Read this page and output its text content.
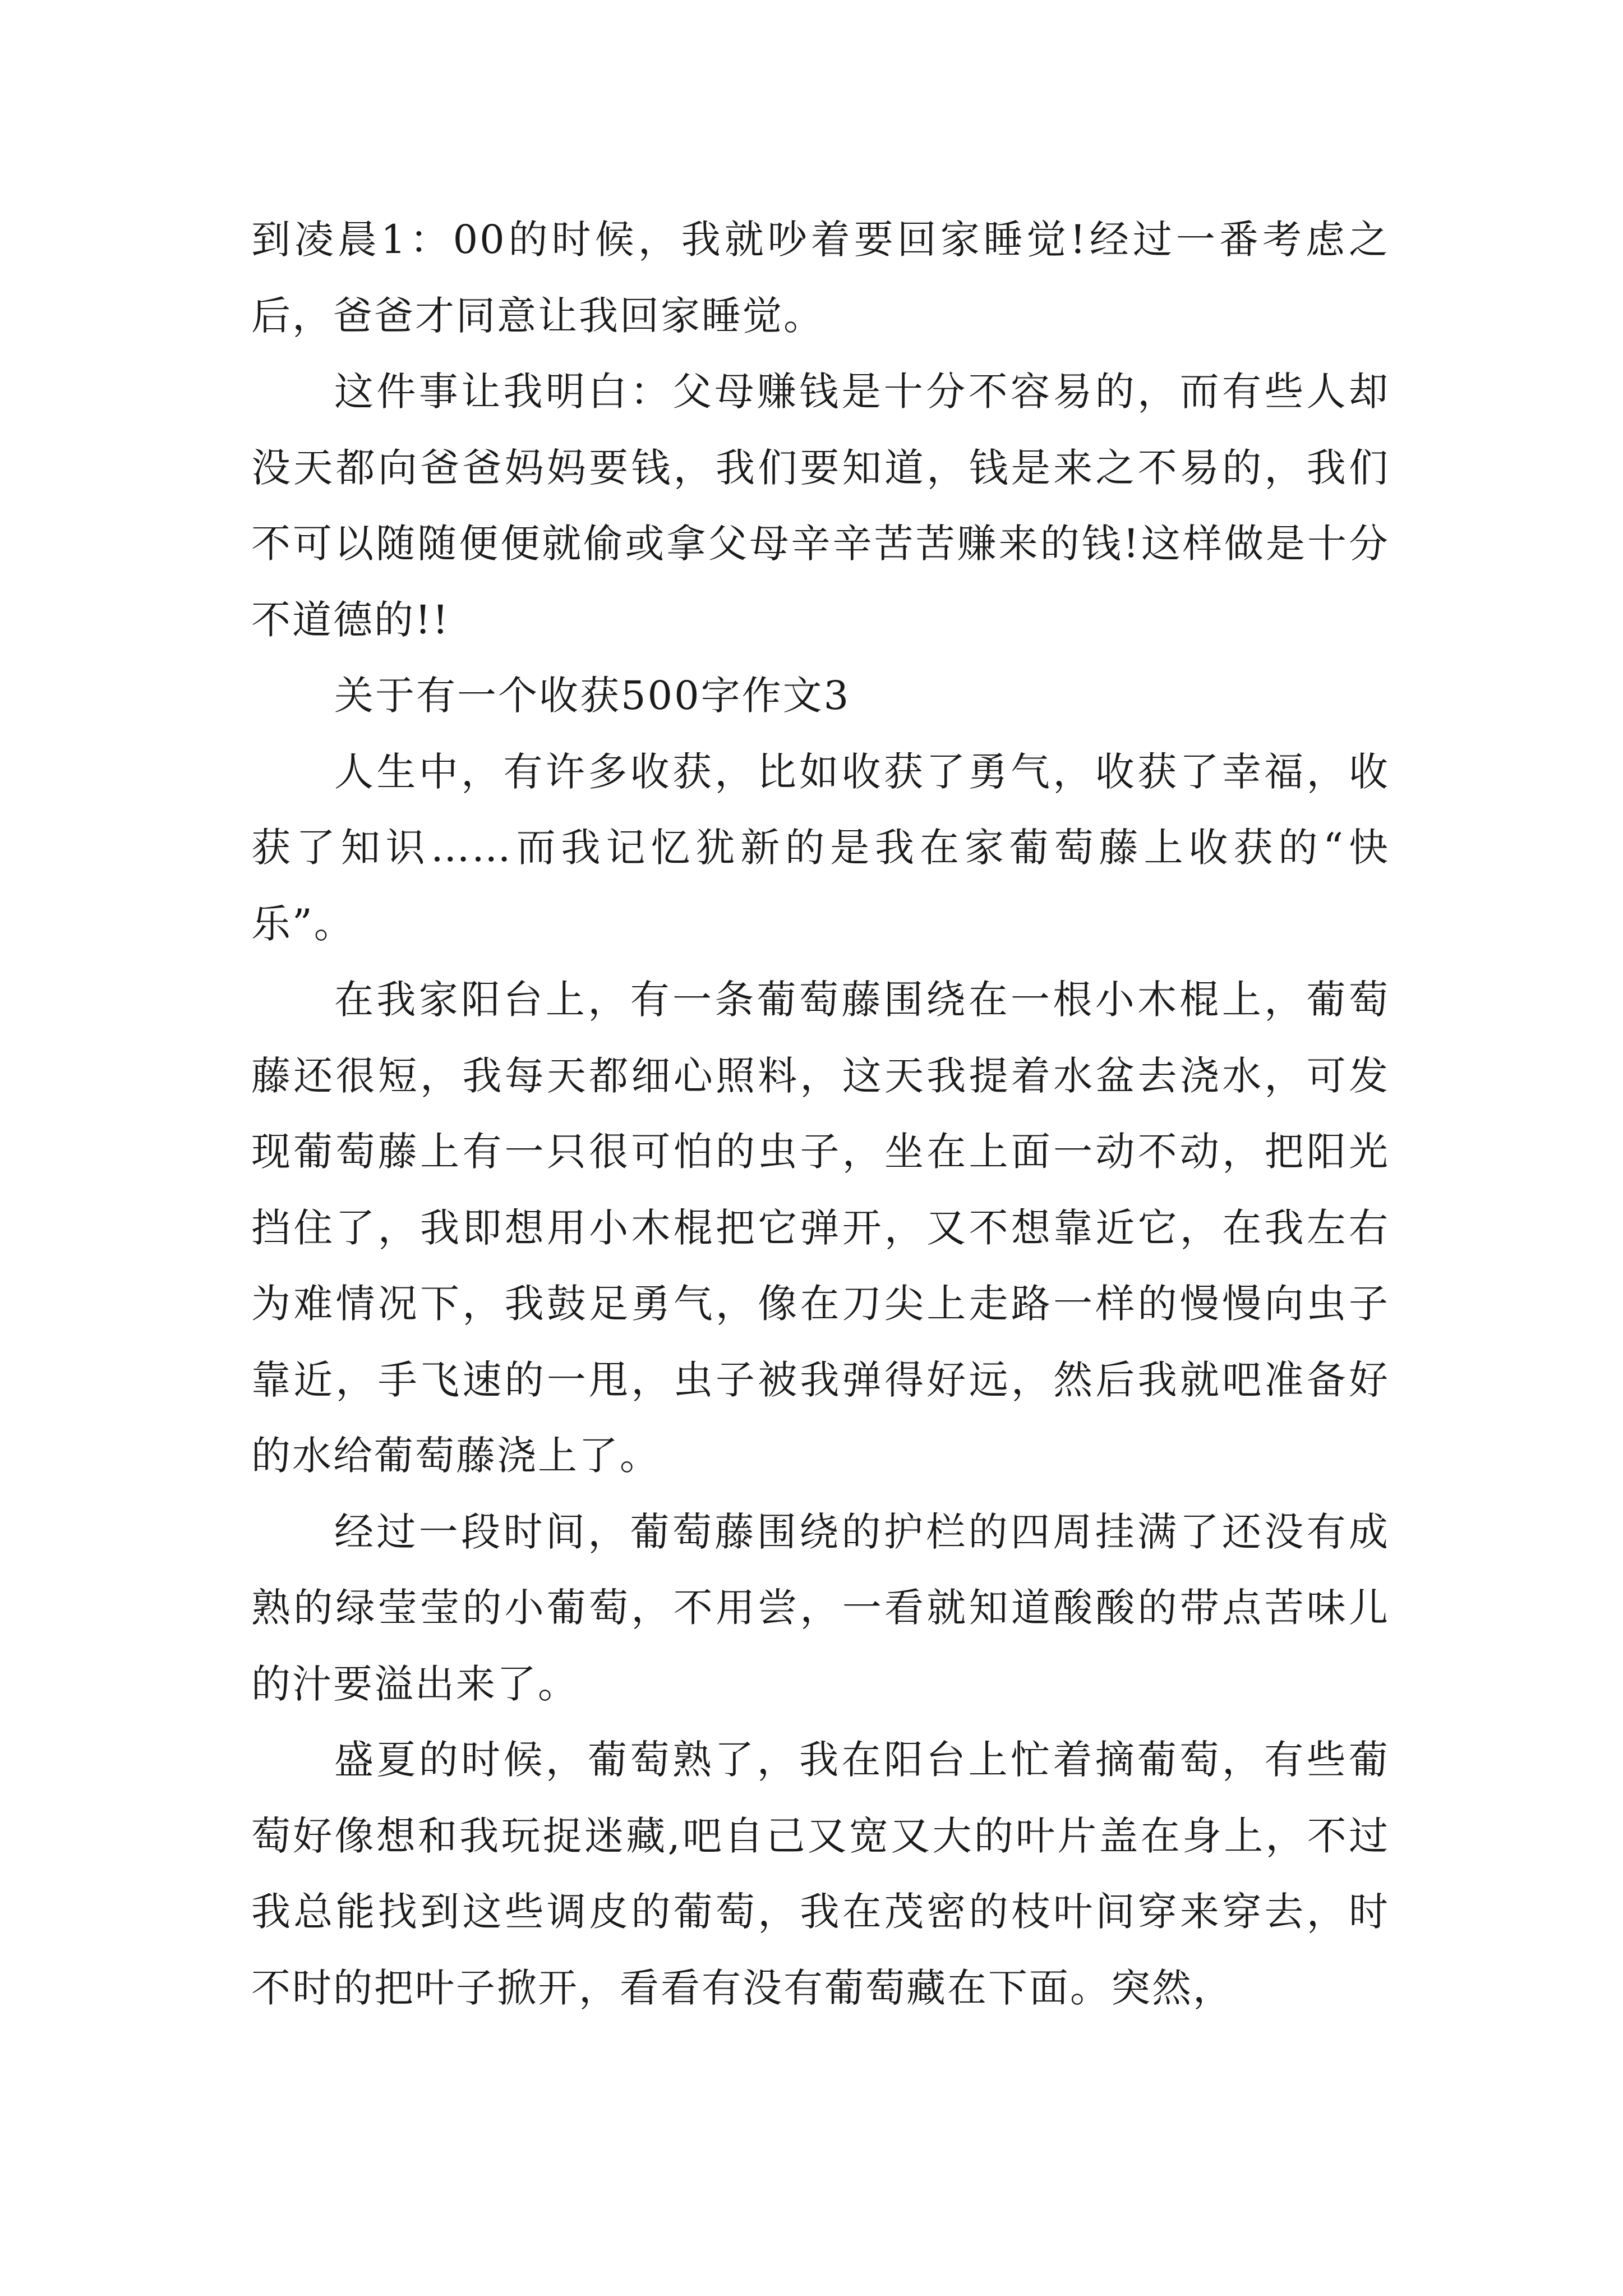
到凌晨1：00的时候，我就吵着要回家睡觉!经过一番考虑之后，爸爸才同意让我回家睡觉。

这件事让我明白：父母赚钱是十分不容易的，而有些人却没天都向爸爸妈妈要钱，我们要知道，钱是来之不易的，我们不可以随随便便就偷或拿父母辛辛苦苦赚来的钱!这样做是十分不道德的!!

关于有一个收获500字作文3

人生中，有许多收获，比如收获了勇气，收获了幸福，收获了知识……而我记忆犹新的是我在家葡萄藤上收获的“快乐”。

在我家阳台上，有一条葡萄藤围绕在一根小木棍上，葡萄藤还很短，我每天都细心照料，这天我提着水盆去浇水，可发现葡萄藤上有一只很可怕的虫子，坐在上面一动不动，把阳光挡住了，我即想用小木棍把它弹开，又不想靠近它，在我左右为难情况下，我鼓足勇气，像在刀尖上走路一样的慢慢向虫子靠近，手飞速的一甩，虫子被我弹得好远，然后我就吧准备好的水给葡萄藤浇上了。

经过一段时间，葡萄藤围绕的护栏的四周挂满了还没有成熟的绿莹莹的小葡萄，不用尝，一看就知道酸酸的带点苦味儿的汁要溢出来了。

盛夏的时候，葡萄熟了，我在阳台上忙着摘葡萄，有些葡萄好像想和我玩捉迷藏,吧自己又宽又大的叶片盖在身上，不过我总能找到这些调皮的葡萄，我在茂密的枝叶间穿来穿去，时不时的把叶子掀开，看看有没有葡萄藏在下面。突然，
